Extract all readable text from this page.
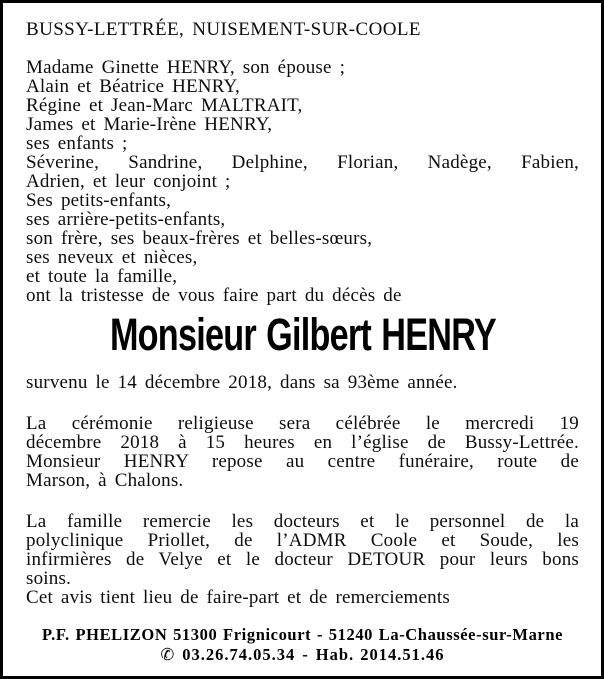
BUSSY-LETTRÉE, NUISEMENT-SUR-COOLE
Madame Ginette HENRY, son épouse ;
Alain et Béatrice HENRY,
Régine et Jean-Marc MALTRAIT,
James et Marie-Irène HENRY,
ses enfants ;
Séverine, Sandrine, Delphine, Florian, Nadège, Fabien,
Adrien, et leur conjoint ;
Ses petits-enfants,
ses arrière-petits-enfants,
son frère, ses beaux-frères et belles-sœurs,
ses neveux et nièces,
et toute la famille,
ont la tristesse de vous faire part du décès de
Monsieur Gilbert HENRY
survenu le 14 décembre 2018, dans sa 93ème année.
La cérémonie religieuse sera célébrée le mercredi 19
décembre 2018 à 15 heures en l’église de Bussy-Lettrée.
Monsieur HENRY repose au centre funéraire, route de
Marson, à Chalons.
La famille remercie les docteurs et le personnel de la
polyclinique Priollet, de l’ADMR Coole et Soude, les
infirmières de Velye et le docteur DETOUR pour leurs bons
soins.
Cet avis tient lieu de faire-part et de remerciements
P.F. PHELIZON 51300 Frignicourt - 51240 La-Chaussée-sur-Marne
✆ 03.26.74.05.34 - Hab. 2014.51.46
